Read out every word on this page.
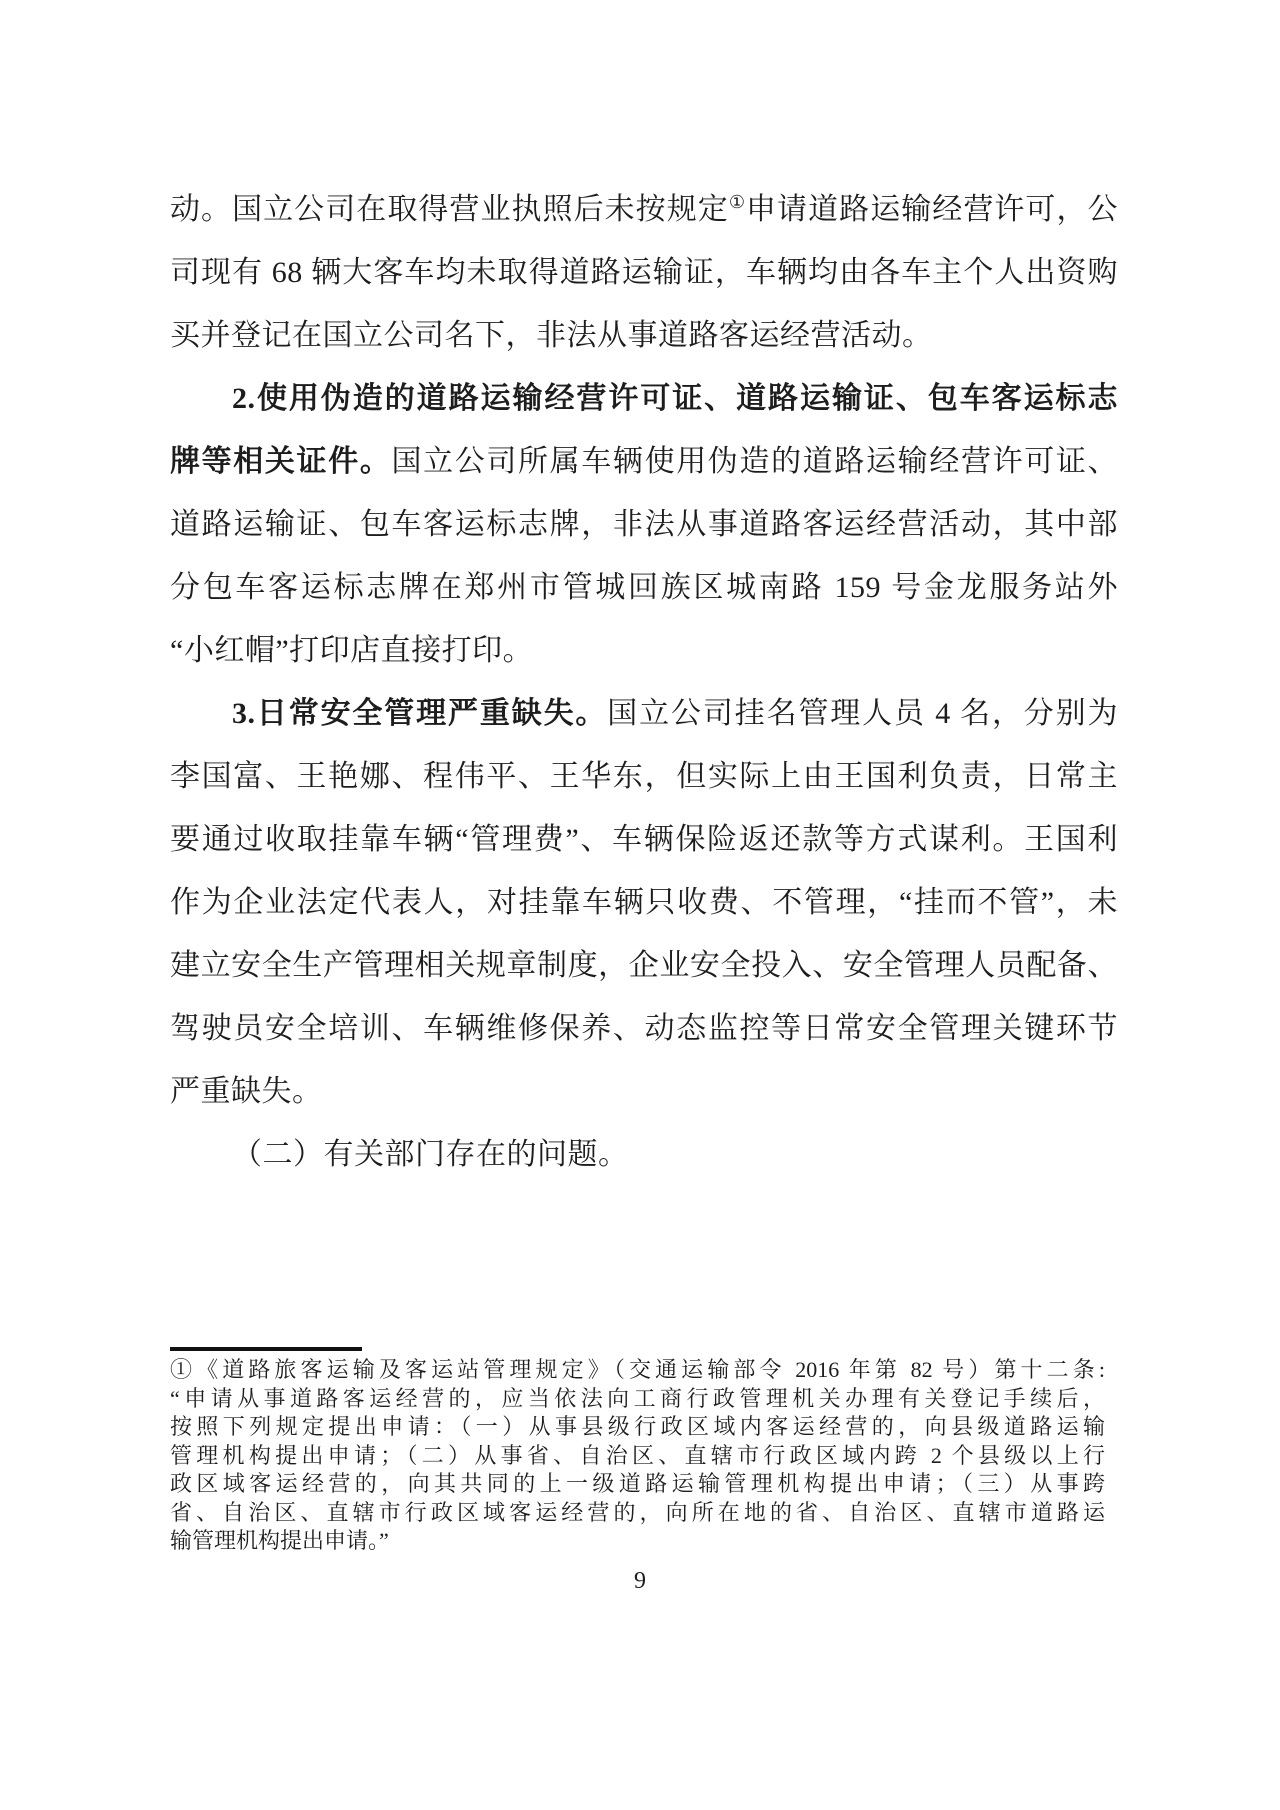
动。国立公司在取得营业执照后未按规定①申请道路运输经营许可，公
司现有 68 辆大客车均未取得道路运输证，车辆均由各车主个人出资购
买并登记在国立公司名下，非法从事道路客运经营活动。
2.使用伪造的道路运输经营许可证、道路运输证、包车客运标志
牌等相关证件。国立公司所属车辆使用伪造的道路运输经营许可证、
道路运输证、包车客运标志牌，非法从事道路客运经营活动，其中部
分包车客运标志牌在郑州市管城回族区城南路 159 号金龙服务站外
“小红帽”打印店直接打印。
3.日常安全管理严重缺失。国立公司挂名管理人员 4 名，分别为
李国富、王艳娜、程伟平、王华东，但实际上由王国利负责，日常主
要通过收取挂靠车辆“管理费”、车辆保险返还款等方式谋利。王国利
作为企业法定代表人，对挂靠车辆只收费、不管理，“挂而不管”，未
建立安全生产管理相关规章制度，企业安全投入、安全管理人员配备、
驾驶员安全培训、车辆维修保养、动态监控等日常安全管理关键环节
严重缺失。
（二）有关部门存在的问题。
①《道路旅客运输及客运站管理规定》（交通运输部令 2016 年第 82 号）第十二条:
“申请从事道路客运经营的，应当依法向工商行政管理机关办理有关登记手续后，
按照下列规定提出申请：（一）从事县级行政区域内客运经营的，向县级道路运输
管理机构提出申请；（二）从事省、自治区、直辖市行政区域内跨 2 个县级以上行
政区域客运经营的，向其共同的上一级道路运输管理机构提出申请；（三）从事跨
省、自治区、直辖市行政区域客运经营的，向所在地的省、自治区、直辖市道路运
输管理机构提出申请。”
9
